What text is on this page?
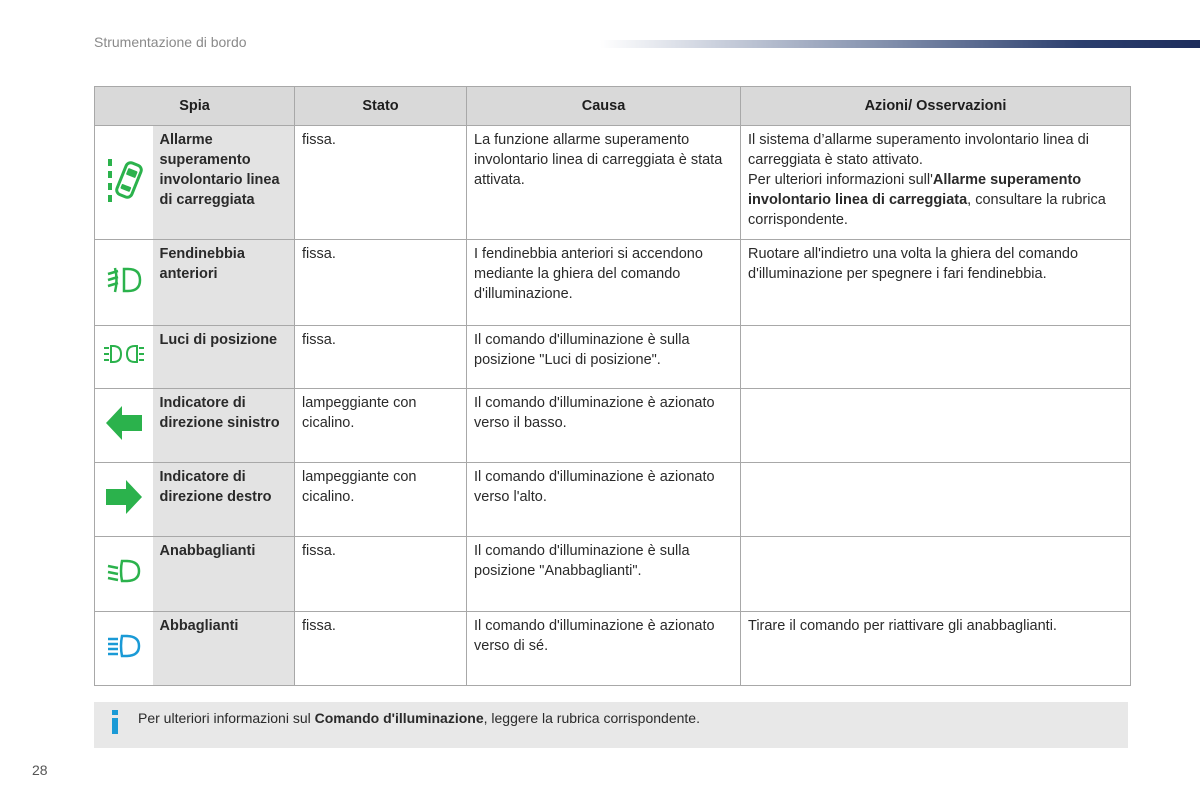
Strumentazione di bordo
Spia		Stato	Causa	Azioni/ Osservazioni
	Allarme superamento involontario linea di carreggiata	fissa.	La funzione allarme superamento involontario linea di carreggiata è stata attivata.	Il sistema d’allarme superamento involontario linea di carreggiata è stato attivato.
Per ulteriori informazioni sull'Allarme superamento involontario linea di carreggiata, consultare la rubrica corrispondente.
	Fendinebbia anteriori	fissa.	I fendinebbia anteriori si accendono mediante la ghiera del comando d'illuminazione.	Ruotare all'indietro una volta la ghiera del comando d'illuminazione per spegnere i fari fendinebbia.
	Luci di posizione	fissa.	Il comando d'illuminazione è sulla posizione "Luci di posizione".	
	Indicatore di direzione sinistro	lampeggiante con cicalino.	Il comando d'illuminazione è azionato verso il basso.	
	Indicatore di direzione destro	lampeggiante con cicalino.	Il comando d'illuminazione è azionato verso l'alto.	
	Anabbaglianti	fissa.	Il comando d'illuminazione è sulla posizione "Anabbaglianti".	
	Abbaglianti	fissa.	Il comando d'illuminazione è azionato verso di sé.	Tirare il comando per riattivare gli anabbaglianti.
Per ulteriori informazioni sul Comando d'illuminazione, leggere la rubrica corrispondente.
28
